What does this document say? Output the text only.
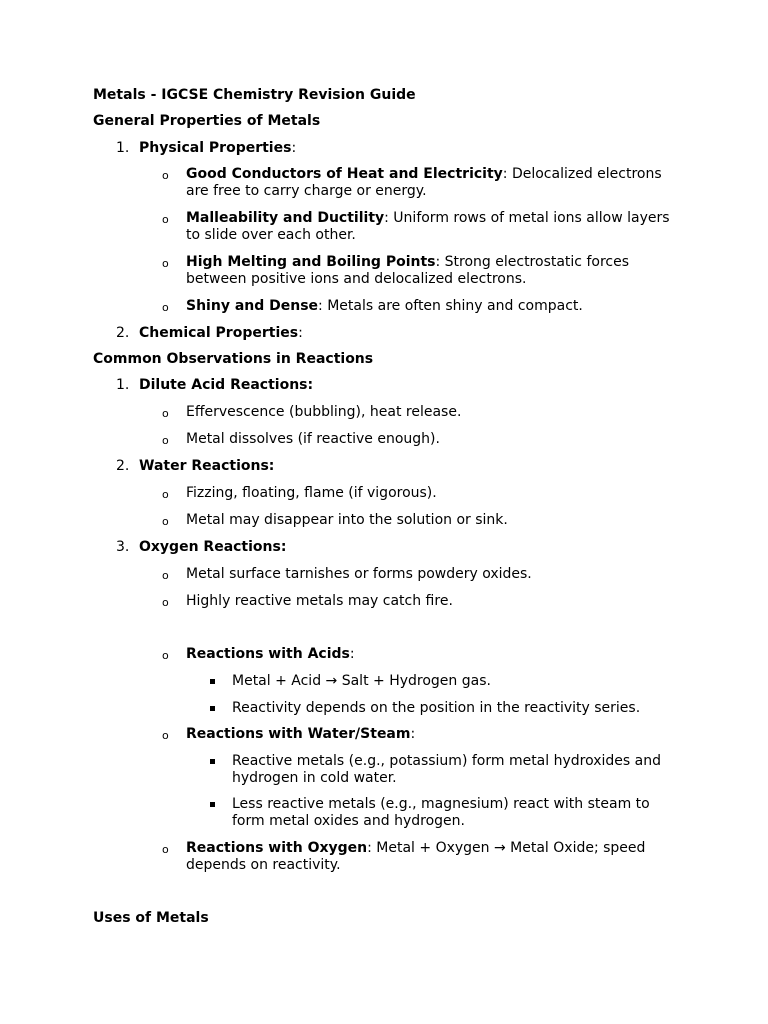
Metals - IGCSE Chemistry Revision Guide
General Properties of Metals
1. Physical Properties:
o Good Conductors of Heat and Electricity: Delocalized electrons are free to carry charge or energy.
o Malleability and Ductility: Uniform rows of metal ions allow layers to slide over each other.
o High Melting and Boiling Points: Strong electrostatic forces between positive ions and delocalized electrons.
o Shiny and Dense: Metals are often shiny and compact.
2. Chemical Properties:
Common Observations in Reactions
1. Dilute Acid Reactions:
o Effervescence (bubbling), heat release.
o Metal dissolves (if reactive enough).
2. Water Reactions:
o Fizzing, floating, flame (if vigorous).
o Metal may disappear into the solution or sink.
3. Oxygen Reactions:
o Metal surface tarnishes or forms powdery oxides.
o Highly reactive metals may catch fire.
o Reactions with Acids:
Metal + Acid → Salt + Hydrogen gas.
Reactivity depends on the position in the reactivity series.
o Reactions with Water/Steam:
Reactive metals (e.g., potassium) form metal hydroxides and hydrogen in cold water.
Less reactive metals (e.g., magnesium) react with steam to form metal oxides and hydrogen.
o Reactions with Oxygen: Metal + Oxygen → Metal Oxide; speed depends on reactivity.
Uses of Metals
